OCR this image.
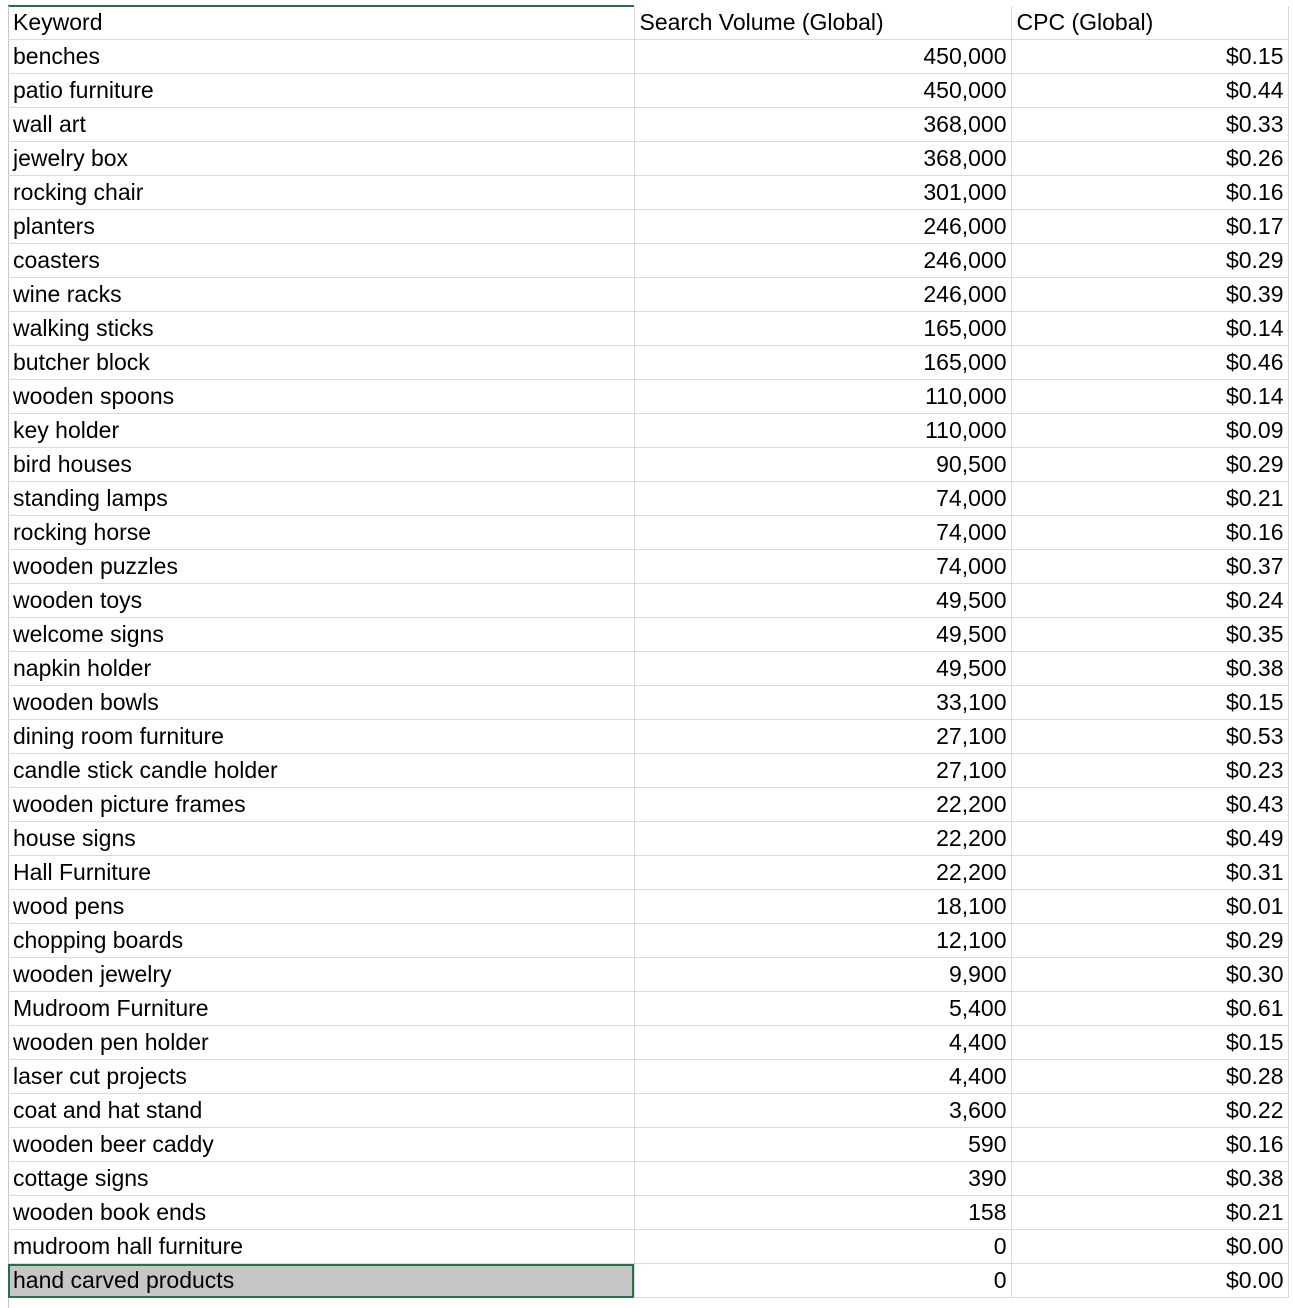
Keyword	Search Volume (Global)	CPC (Global)
benches	450,000	$0.15
patio furniture	450,000	$0.44
wall art	368,000	$0.33
jewelry box	368,000	$0.26
rocking chair	301,000	$0.16
planters	246,000	$0.17
coasters	246,000	$0.29
wine racks	246,000	$0.39
walking sticks	165,000	$0.14
butcher block	165,000	$0.46
wooden spoons	110,000	$0.14
key holder	110,000	$0.09
bird houses	90,500	$0.29
standing lamps	74,000	$0.21
rocking horse	74,000	$0.16
wooden puzzles	74,000	$0.37
wooden toys	49,500	$0.24
welcome signs	49,500	$0.35
napkin holder	49,500	$0.38
wooden bowls	33,100	$0.15
dining room furniture	27,100	$0.53
candle stick candle holder	27,100	$0.23
wooden picture frames	22,200	$0.43
house signs	22,200	$0.49
Hall Furniture	22,200	$0.31
wood pens	18,100	$0.01
chopping boards	12,100	$0.29
wooden jewelry	9,900	$0.30
Mudroom Furniture	5,400	$0.61
wooden pen holder	4,400	$0.15
laser cut projects	4,400	$0.28
coat and hat stand	3,600	$0.22
wooden beer caddy	590	$0.16
cottage signs	390	$0.38
wooden book ends	158	$0.21
mudroom hall furniture	0	$0.00
hand carved products	0	$0.00
